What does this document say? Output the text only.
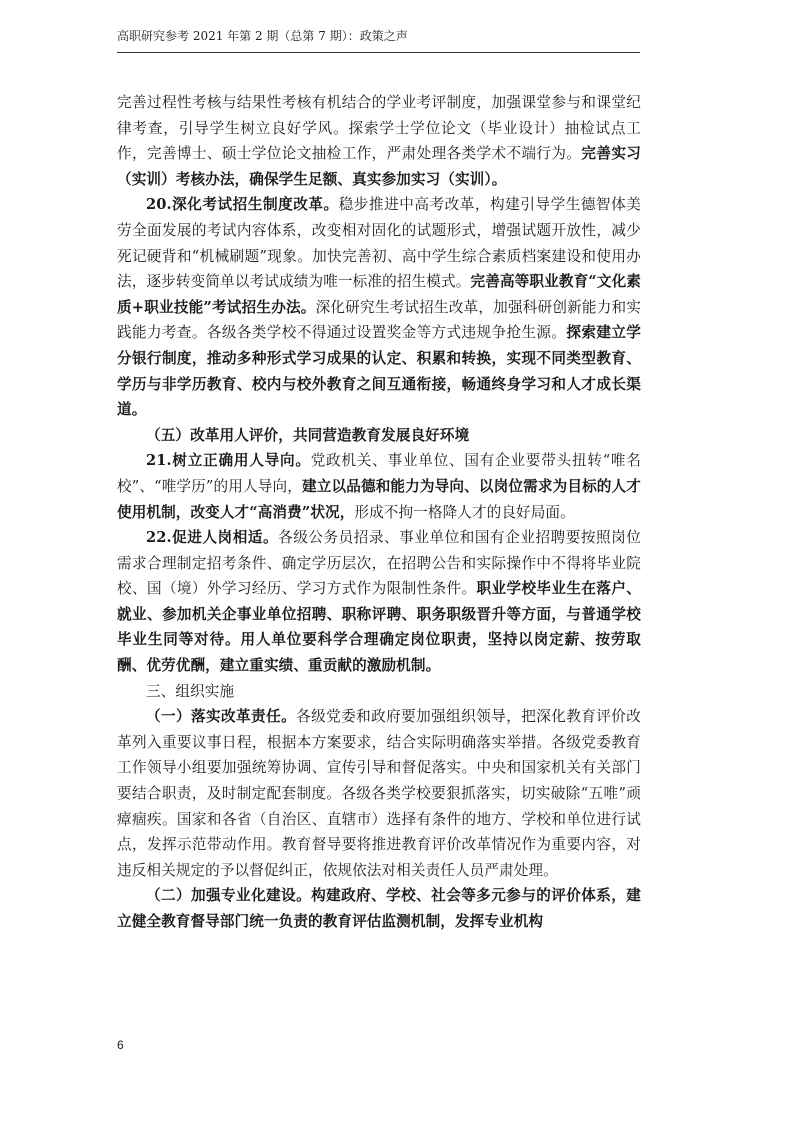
高职研究参考 2021 年第 2 期（总第 7 期）：政策之声

完善过程性考核与结果性考核有机结合的学业考评制度，加强课堂参与和课堂纪律考查，引导学生树立良好学风。探索学士学位论文（毕业设计）抽检试点工作，完善博士、硕士学位论文抽检工作，严肃处理各类学术不端行为。完善实习（实训）考核办法，确保学生足额、真实参加实习（实训）。

20.深化考试招生制度改革。稳步推进中高考改革，构建引导学生德智体美劳全面发展的考试内容体系，改变相对固化的试题形式，增强试题开放性，减少死记硬背和“机械刷题”现象。加快完善初、高中学生综合素质档案建设和使用办法，逐步转变简单以考试成绩为唯一标准的招生模式。完善高等职业教育“文化素质+职业技能”考试招生办法。深化研究生考试招生改革，加强科研创新能力和实践能力考查。各级各类学校不得通过设置奖金等方式违规争抢生源。探索建立学分银行制度，推动多种形式学习成果的认定、积累和转换，实现不同类型教育、学历与非学历教育、校内与校外教育之间互通衔接，畅通终身学习和人才成长渠道。

（五）改革用人评价，共同营造教育发展良好环境

21.树立正确用人导向。党政机关、事业单位、国有企业要带头扭转“唯名校”、“唯学历”的用人导向，建立以品德和能力为导向、以岗位需求为目标的人才使用机制，改变人才“高消费”状况，形成不拘一格降人才的良好局面。

22.促进人岗相适。各级公务员招录、事业单位和国有企业招聘要按照岗位需求合理制定招考条件、确定学历层次，在招聘公告和实际操作中不得将毕业院校、国（境）外学习经历、学习方式作为限制性条件。职业学校毕业生在落户、就业、参加机关企事业单位招聘、职称评聘、职务职级晋升等方面，与普通学校毕业生同等对待。用人单位要科学合理确定岗位职责，坚持以岗定薪、按劳取酬、优劳优酬，建立重实绩、重贡献的激励机制。

三、组织实施

（一）落实改革责任。各级党委和政府要加强组织领导，把深化教育评价改革列入重要议事日程，根据本方案要求，结合实际明确落实举措。各级党委教育工作领导小组要加强统筹协调、宣传引导和督促落实。中央和国家机关有关部门要结合职责，及时制定配套制度。各级各类学校要狠抓落实，切实破除“五唯”顽瘴痼疾。国家和各省（自治区、直辖市）选择有条件的地方、学校和单位进行试点，发挥示范带动作用。教育督导要将推进教育评价改革情况作为重要内容，对违反相关规定的予以督促纠正，依规依法对相关责任人员严肃处理。

（二）加强专业化建设。构建政府、学校、社会等多元参与的评价体系，建立健全教育督导部门统一负责的教育评估监测机制，发挥专业机构

6
